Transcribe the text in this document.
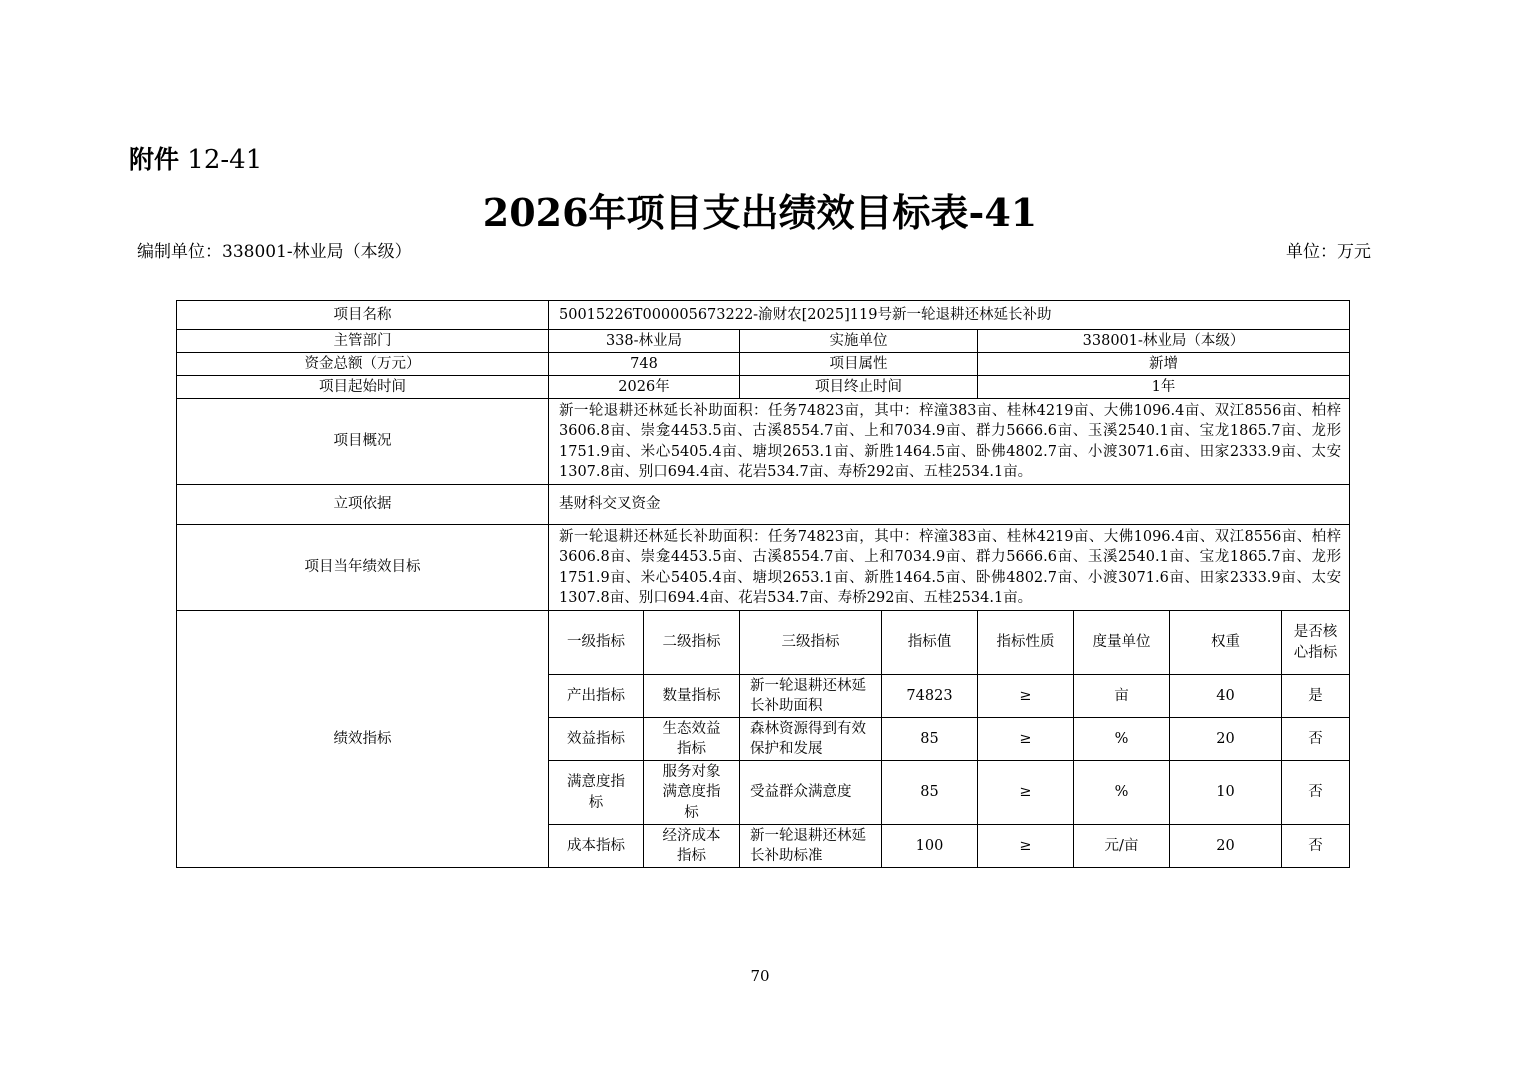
附件 12-41
2026年项目支出绩效目标表-41
编制单位：338001-林业局（本级）	单位：万元
项目名称	50015226T000005673222-渝财农[2025]119号新一轮退耕还林延长补助							
主管部门	338-林业局		实施单位		338001-林业局（本级）			
资金总额（万元）	748		项目属性		新增			
项目起始时间	2026年		项目终止时间		1年			
项目概况	新一轮退耕还林延长补助面积：任务74823亩，其中：梓潼383亩、桂林4219亩、大佛1096.4亩、双江8556亩、柏梓3606.8亩、崇龛4453.5亩、古溪8554.7亩、上和7034.9亩、群力5666.6亩、玉溪2540.1亩、宝龙1865.7亩、龙形1751.9亩、米心5405.4亩、塘坝2653.1亩、新胜1464.5亩、卧佛4802.7亩、小渡3071.6亩、田家2333.9亩、太安1307.8亩、别口694.4亩、花岩534.7亩、寿桥292亩、五桂2534.1亩。							
立项依据	基财科交叉资金							
项目当年绩效目标	新一轮退耕还林延长补助面积：任务74823亩，其中：梓潼383亩、桂林4219亩、大佛1096.4亩、双江8556亩、柏梓3606.8亩、崇龛4453.5亩、古溪8554.7亩、上和7034.9亩、群力5666.6亩、玉溪2540.1亩、宝龙1865.7亩、龙形1751.9亩、米心5405.4亩、塘坝2653.1亩、新胜1464.5亩、卧佛4802.7亩、小渡3071.6亩、田家2333.9亩、太安1307.8亩、别口694.4亩、花岩534.7亩、寿桥292亩、五桂2534.1亩。							
绩效指标	一级指标	二级指标	三级指标	指标值	指标性质	度量单位	权重	是否核心指标
	产出指标	数量指标	新一轮退耕还林延长补助面积	74823	≥	亩	40	是
	效益指标	生态效益指标	森林资源得到有效保护和发展	85	≥	%	20	否
	满意度指标	服务对象满意度指标	受益群众满意度	85	≥	%	10	否
	成本指标	经济成本指标	新一轮退耕还林延长补助标准	100	≥	元/亩	20	否
70
